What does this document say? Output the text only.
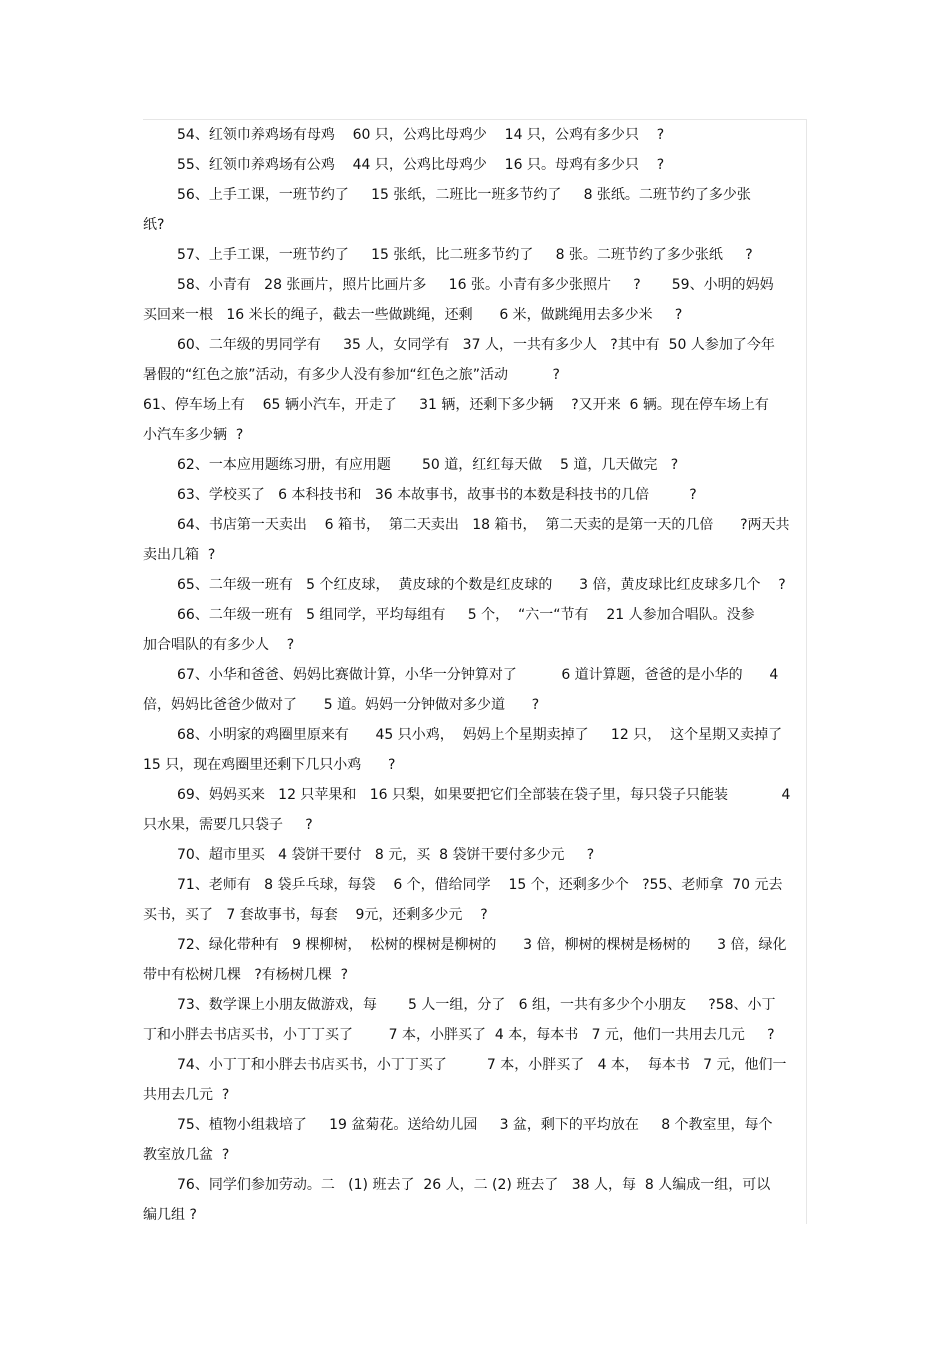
54、红领巾养鸡场有母鸡    60 只，公鸡比母鸡少    14 只，公鸡有多少只    ?
55、红领巾养鸡场有公鸡    44 只，公鸡比母鸡少    16 只。母鸡有多少只    ?
56、上手工课，一班节约了     15 张纸，二班比一班多节约了     8 张纸。二班节约了多少张
纸?
57、上手工课，一班节约了     15 张纸，比二班多节约了     8 张。二班节约了多少张纸     ?
58、小青有   28 张画片，照片比画片多     16 张。小青有多少张照片     ?       59、小明的妈妈
买回来一根   16 米长的绳子，截去一些做跳绳，还剩      6 米，做跳绳用去多少米     ?
60、二年级的男同学有     35 人，女同学有   37 人，一共有多少人   ?其中有  50 人参加了今年
暑假的“红色之旅”活动，有多少人没有参加“红色之旅”活动          ?
61、停车场上有    65 辆小汽车，开走了     31 辆，还剩下多少辆    ?又开来  6 辆。现在停车场上有
小汽车多少辆  ?
62、一本应用题练习册，有应用题       50 道，红红每天做    5 道，几天做完   ?
63、学校买了   6 本科技书和   36 本故事书，故事书的本数是科技书的几倍         ?
64、书店第一天卖出    6 箱书，  第二天卖出   18 箱书，  第二天卖的是第一天的几倍      ?两天共
卖出几箱  ?
65、二年级一班有   5 个红皮球，  黄皮球的个数是红皮球的      3 倍，黄皮球比红皮球多几个    ?
66、二年级一班有   5 组同学，平均每组有     5 个，  “六一“节有    21 人参加合唱队。没参
加合唱队的有多少人    ?
67、小华和爸爸、妈妈比赛做计算，小华一分钟算对了          6 道计算题，爸爸的是小华的      4
倍，妈妈比爸爸少做对了      5 道。妈妈一分钟做对多少道      ?
68、小明家的鸡圈里原来有      45 只小鸡，  妈妈上个星期卖掉了     12 只，  这个星期又卖掉了
15 只，现在鸡圈里还剩下几只小鸡      ?
69、妈妈买来   12 只苹果和   16 只梨，如果要把它们全部装在袋子里，每只袋子只能装            4
只水果，需要几只袋子     ?
70、超市里买   4 袋饼干要付   8 元，买  8 袋饼干要付多少元     ?
71、老师有   8 袋乒乓球，每袋    6 个，借给同学    15 个，还剩多少个   ?55、老师拿  70 元去
买书，买了   7 套故事书，每套    9元，还剩多少元    ?
72、绿化带种有   9 棵柳树，  松树的棵树是柳树的      3 倍，柳树的棵树是杨树的      3 倍，绿化
带中有松树几棵   ?有杨树几棵  ?
73、数学课上小朋友做游戏，每       5 人一组，分了   6 组，一共有多少个小朋友     ?58、小丁
丁和小胖去书店买书，小丁丁买了        7 本，小胖买了  4 本，每本书   7 元，他们一共用去几元     ?
74、小丁丁和小胖去书店买书，小丁丁买了         7 本，小胖买了   4 本，  每本书   7 元，他们一
共用去几元  ?
75、植物小组栽培了     19 盆菊花。送给幼儿园     3 盆，剩下的平均放在     8 个教室里，每个
教室放几盆  ?
76、同学们参加劳动。二   (1) 班去了  26 人，二 (2) 班去了   38 人，每  8 人编成一组，可以
编几组 ?
